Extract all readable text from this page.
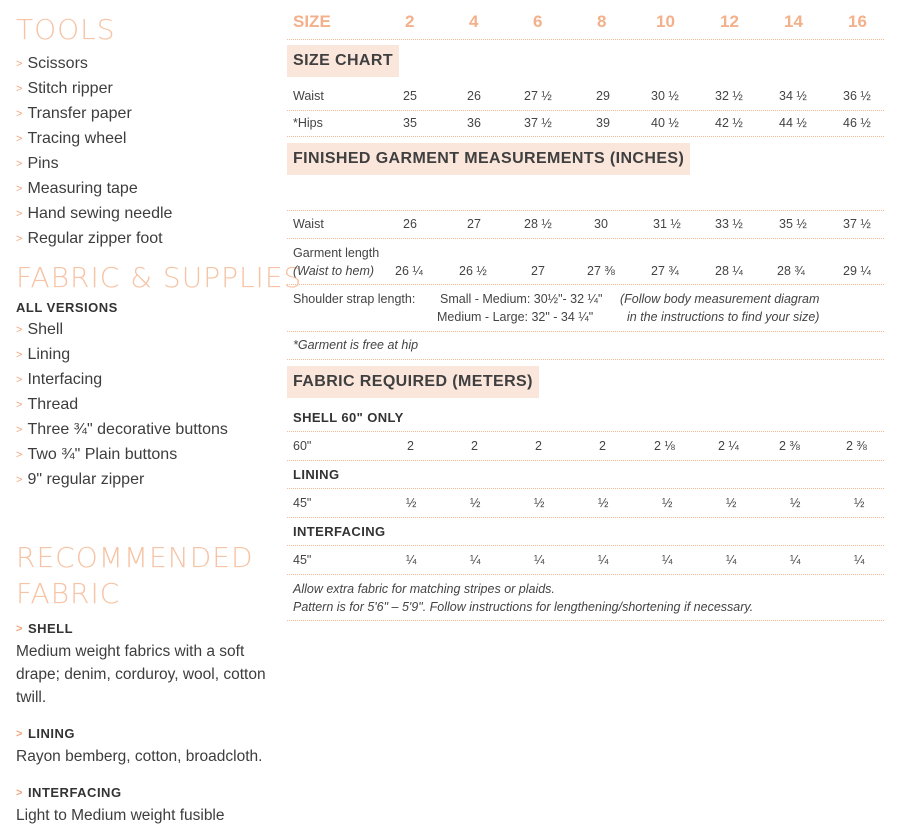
TOOLS
> Scissors
> Stitch ripper
> Transfer paper
> Tracing wheel
> Pins
> Measuring tape
> Hand sewing needle
> Regular zipper foot
FABRIC & SUPPLIES
ALL VERSIONS
> Shell
> Lining
> Interfacing
> Thread
> Three ¾" decorative buttons
> Two ¾" Plain buttons
> 9" regular zipper
RECOMMENDED
FABRIC
> SHELL

Medium weight fabrics with a soft drape; denim, corduroy, wool, cotton twill.

> LINING

Rayon bemberg, cotton, broadcloth.

> INTERFACING

Light to Medium weight fusible

SIZE	2	4	6	8	10	12	14	16
SIZE CHART
Waist	25	26	27 ½	29	30 ½	32 ½	34 ½	36 ½
*Hips	35	36	37 ½	39	40 ½	42 ½	44 ½	46 ½
FINISHED GARMENT MEASUREMENTS (INCHES)
Waist	26	27	28 ½	30	31 ½	33 ½	35 ½	37 ½
Garment length
(Waist to hem) 26 ¼	26 ½	27	27 ⅜	27 ¾	28 ¼	28 ¾	29 ¼
Shoulder strap length: Small - Medium: 30½"- 32 ¼" (Follow body measurement diagram
Medium - Large: 32" - 34 ¼"	in the instructions to find your size)
*Garment is free at hip
FABRIC REQUIRED (METERS)
SHELL 60" ONLY
60"	2	2	2	2	2 ⅛	2 ¼	2 ⅜	2 ⅜
LINING
45"	½	½	½	½	½	½	½	½
INTERFACING
45"	¼	¼	¼	¼	¼	¼	¼	¼
Allow extra fabric for matching stripes or plaids.
Pattern is for 5'6" – 5'9". Follow instructions for lengthening/shortening if necessary.
